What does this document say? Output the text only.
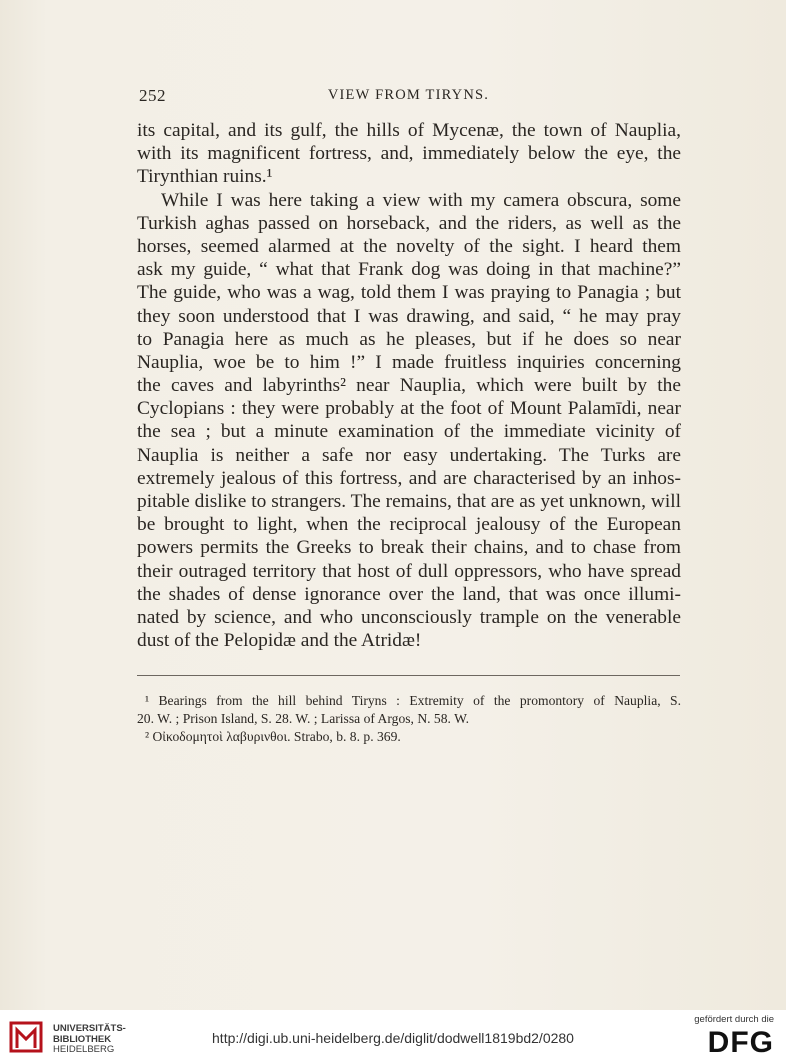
252	VIEW FROM TIRYNS.
its capital, and its gulf, the hills of Mycenæ, the town of Nauplia,
with its magnificent fortress, and, immediately below the eye, the
Tirynthian ruins.¹
While I was here taking a view with my camera obscura, some
Turkish aghas passed on horseback, and the riders, as well as the
horses, seemed alarmed at the novelty of the sight. I heard them
ask my guide, “ what that Frank dog was doing in that machine?”
The guide, who was a wag, told them I was praying to Panagia ; but
they soon understood that I was drawing, and said, “ he may pray
to Panagia here as much as he pleases, but if he does so near
Nauplia, woe be to him !” I made fruitless inquiries concerning
the caves and labyrinths² near Nauplia, which were built by the
Cyclopians : they were probably at the foot of Mount Palamīdi, near
the sea ; but a minute examination of the immediate vicinity of
Nauplia is neither a safe nor easy undertaking. The Turks are
extremely jealous of this fortress, and are characterised by an inhos-
pitable dislike to strangers. The remains, that are as yet unknown, will
be brought to light, when the reciprocal jealousy of the European
powers permits the Greeks to break their chains, and to chase from
their outraged territory that host of dull oppressors, who have spread
the shades of dense ignorance over the land, that was once illumi-
nated by science, and who unconsciously trample on the venerable
dust of the Pelopidæ and the Atridæ!
¹ Bearings from the hill behind Tiryns : Extremity of the promontory of Nauplia, S.
20. W. ; Prison Island, S. 28. W. ; Larissa of Argos, N. 58. W.
² Οἰκοδομητοὶ λαβυρινθοι. Strabo, b. 8. p. 369.
UNIVERSITÄTS-
BIBLIOTHEK
HEIDELBERG
http://digi.ub.uni-heidelberg.de/diglit/dodwell1819bd2/0280
gefördert durch die
DFG
